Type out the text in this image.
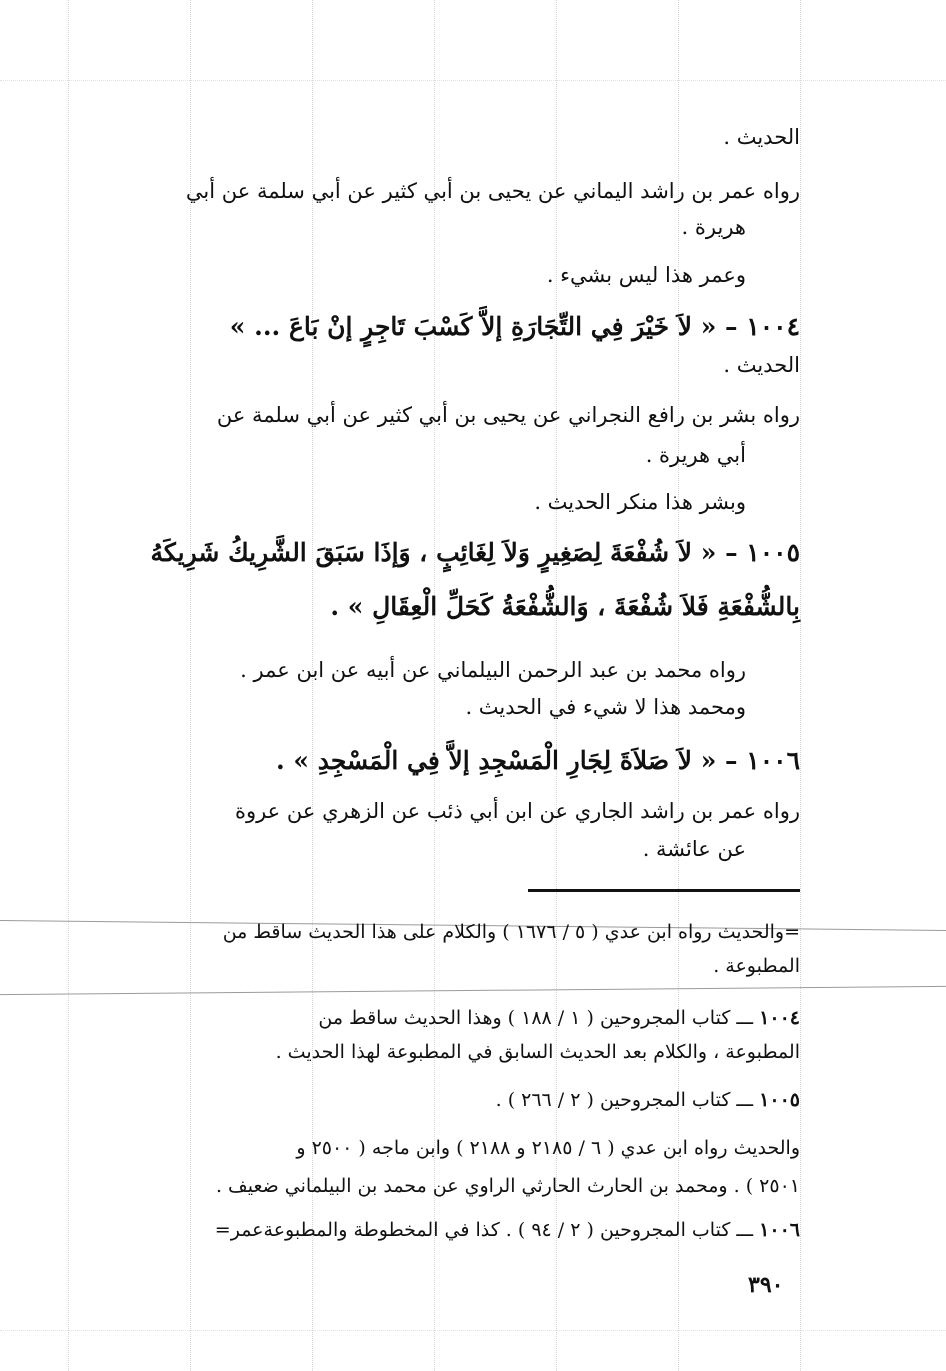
الحديث .
رواه عمر بن راشد اليماني عن يحيى بن أبي كثير عن أبي سلمة عن أبي
هريرة .
وعمر هذا ليس بشيء .
١٠٠٤ – « لاَ خَيْرَ فِي التِّجَارَةِ إلاَّ كَسْبَ تَاجِرٍ إنْ بَاعَ ... »
الحديث .
رواه بشر بن رافع النجراني عن يحيى بن أبي كثير عن أبي سلمة عن
أبي هريرة .
وبشر هذا منكر الحديث .
١٠٠٥ – « لاَ شُفْعَةَ لِصَغِيرٍ وَلاَ لِغَائِبٍ ، وَإذَا سَبَقَ الشَّرِيكُ شَرِيكَهُ
بِالشُّفْعَةِ فَلاَ شُفْعَةَ ، وَالشُّفْعَةُ كَحَلِّ الْعِقَالِ » .
رواه محمد بن عبد الرحمن البيلماني عن أبيه عن ابن عمر .
ومحمد هذا لا شيء في الحديث .
١٠٠٦ – « لاَ صَلاَةَ لِجَارِ الْمَسْجِدِ إلاَّ فِي الْمَسْجِدِ » .
رواه عمر بن راشد الجاري عن ابن أبي ذئب عن الزهري عن عروة
عن عائشة .
=والحديث رواه ابن عدي ( ٥ / ١٦٧٦ ) والكلام على هذا الحديث ساقط من
المطبوعة .
١٠٠٤ ـــ كتاب المجروحين ( ١ / ١٨٨ ) وهذا الحديث ساقط من
المطبوعة ، والكلام بعد الحديث السابق في المطبوعة لهذا الحديث .
١٠٠٥ ـــ كتاب المجروحين ( ٢ / ٢٦٦ ) .
والحديث رواه ابن عدي ( ٦ / ٢١٨٥ و ٢١٨٨ ) وابن ماجه ( ٢٥٠٠ و
٢٥٠١ ) . ومحمد بن الحارث الحارثي الراوي عن محمد بن البيلماني ضعيف .
١٠٠٦ ـــ كتاب المجروحين ( ٢ / ٩٤ ) . كذا في المخطوطة والمطبوعةعمر=
٣٩٠
